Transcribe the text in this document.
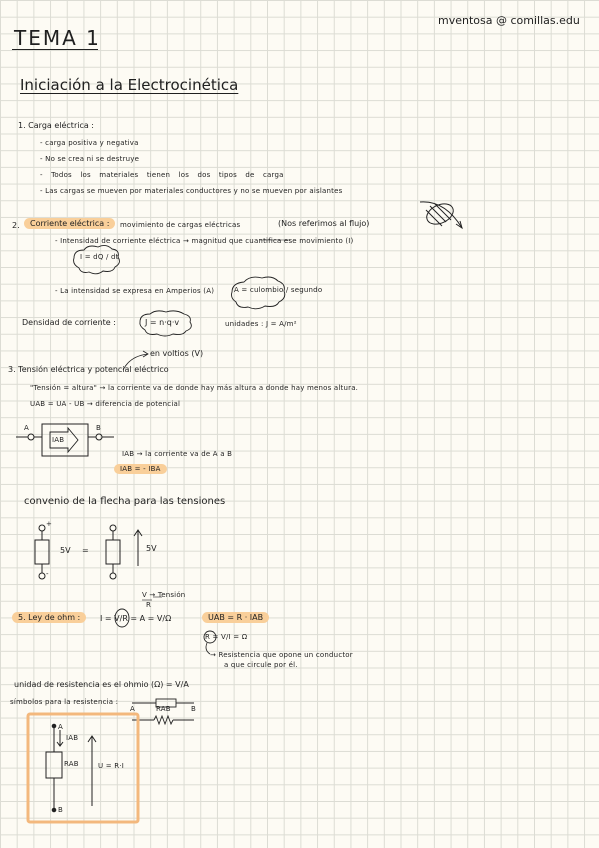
mventosa @ comillas.edu
TEMA 1
Iniciación a la Electrocinética
1. Carga eléctrica :
- carga positiva y negativa
- No se crea ni se destruye
- Todos los materiales tienen los dos tipos de carga
- Las cargas se mueven por materiales conductores y no se mueven por aislantes
2.	Corriente eléctrica :	movimiento de cargas eléctricas	(Nos referimos al flujo)
- Intensidad de corriente eléctrica → magnitud que cuantifica ese movimiento (I)
I = dQ / dt
- La intensidad se expresa en Amperios (A)	A = culombio / segundo
Densidad de corriente :	J = n·q·v	unidades : J = A/m²
en voltios (V)
3. Tensión eléctrica y potencial eléctrico
"Tensión = altura" → la corriente va de donde hay más altura a donde hay menos altura.
UAB = UA - UB → diferencia de potencial
A	B
IAB
IAB → la corriente va de A a B
IAB = - IBA
convenio de la flecha para las tensiones
+
-
5V =	5V
V → Tensión
R
5. Ley de ohm :	I = V/R = A = V/Ω	UAB = R · IAB
R = V/I = Ω
→ Resistencia que opone un conductor
a que circule por él.
unidad de resistencia es el ohmio (Ω) = V/A
símbolos para la resistencia :
A	RAB	B
IAB
RAB	U = R·I
A
B
